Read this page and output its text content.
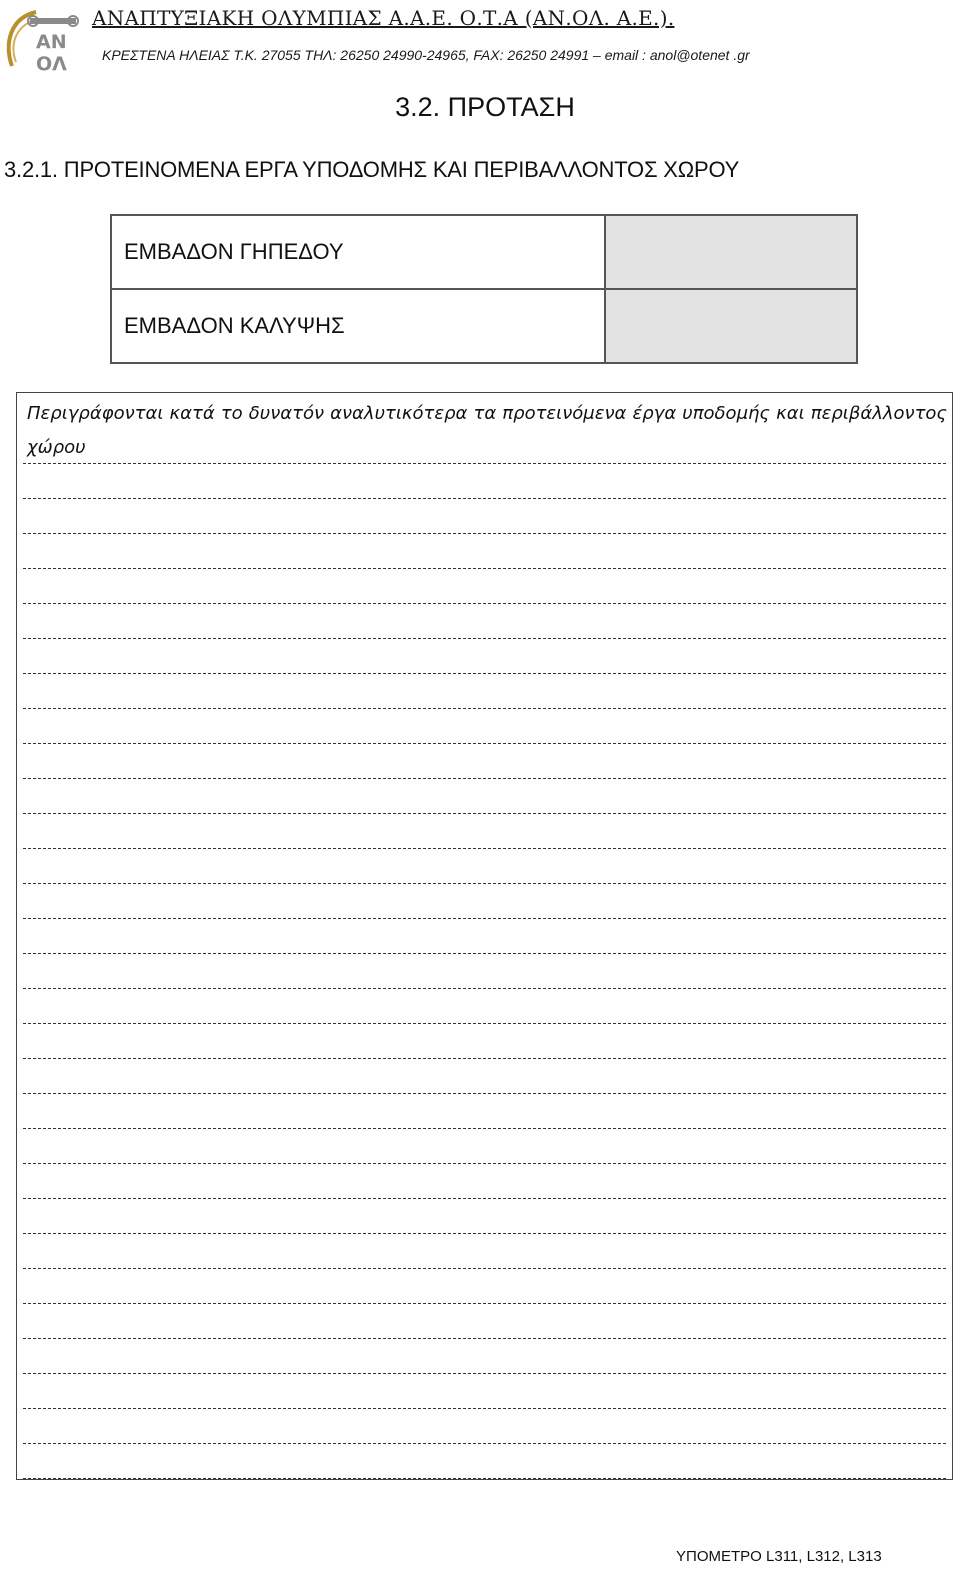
ΑΝ
ΟΛ
ΑΝΑΠΤΥΞΙΑΚΗ ΟΛΥΜΠΙΑΣ Α.Α.Ε. Ο.Τ.Α (ΑΝ.ΟΛ. Α.Ε.).
ΚΡΕΣΤΕΝΑ ΗΛΕΙΑΣ Τ.Κ. 27055 ΤΗΛ: 26250 24990-24965, FAX: 26250 24991 – email : anol@otenet .gr
3.2. ΠΡΟΤΑΣΗ
3.2.1. ΠΡΟΤΕΙΝΟΜΕΝΑ ΕΡΓΑ ΥΠΟΔΟΜΗΣ ΚΑΙ ΠΕΡΙΒΑΛΛΟΝΤΟΣ ΧΩΡΟΥ
ΕΜΒΑΔΟΝ ΓΗΠΕΔΟΥ
ΕΜΒΑΔΟΝ ΚΑΛΥΨΗΣ
Περιγράφονται κατά το δυνατόν αναλυτικότερα τα προτεινόμενα έργα υποδομής και περιβάλλοντος χώρου
ΥΠΟΜΕΤΡΟ L311, L312, L313
